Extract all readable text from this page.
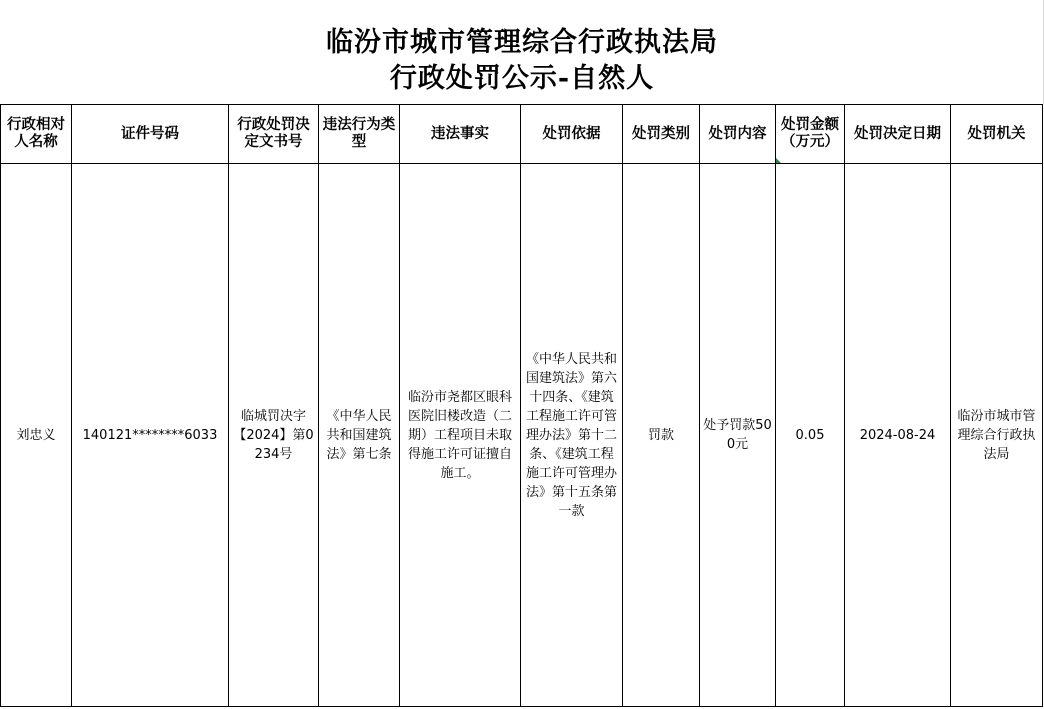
临汾市城市管理综合行政执法局
行政处罚公示-自然人
行政相对人名称	证件号码	行政处罚决定文书号	违法行为类型	违法事实	处罚依据	处罚类别	处罚内容	处罚金额（万元）	处罚决定日期	处罚机关
刘忠义	140121********6033	临城罚决字【2024】第0234号	《中华人民共和国建筑法》第七条	临汾市尧都区眼科医院旧楼改造（二期）工程项目未取得施工许可证擅自施工。	《中华人民共和国建筑法》第六十四条、《建筑工程施工许可管理办法》第十二条、《建筑工程施工许可管理办法》第十五条第一款	罚款	处予罚款500元	0.05	2024-08-24	临汾市城市管理综合行政执法局
